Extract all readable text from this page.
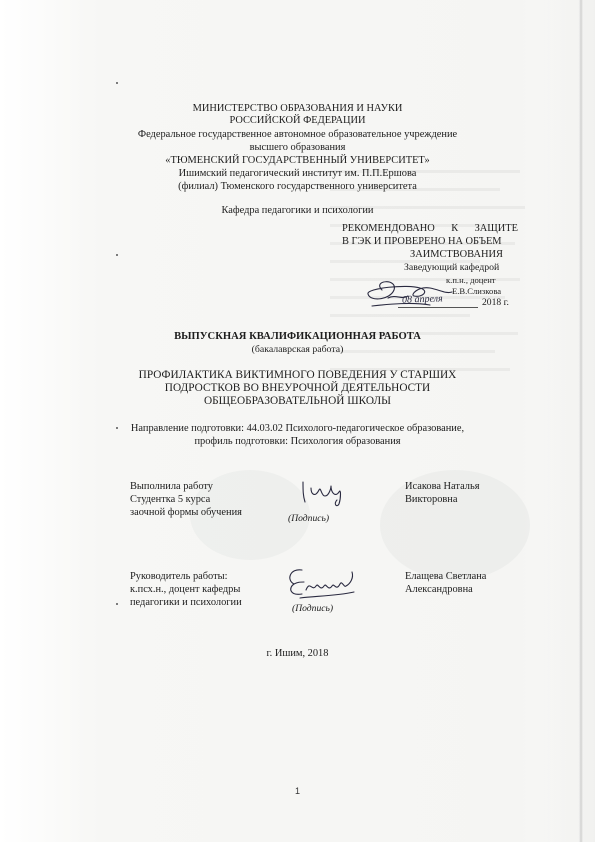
МИНИСТЕРСТВО ОБРАЗОВАНИЯ И НАУКИ
РОССИЙСКОЙ ФЕДЕРАЦИИ
Федеральное государственное автономное образовательное учреждение
высшего образования
«ТЮМЕНСКИЙ ГОСУДАРСТВЕННЫЙ УНИВЕРСИТЕТ»
Ишимский педагогический институт им. П.П.Ершова
(филиал) Тюменского государственного университета
Кафедра педагогики и психологии
РЕКОМЕНДОВАНО К ЗАЩИТЕ
В ГЭК И ПРОВЕРЕНО НА ОБЪЕМ
ЗАИМСТВОВАНИЯ
Заведующий кафедрой
к.п.н., доцент
Е.В.Слизкова
2018 г.
08 апреля
ВЫПУСКНАЯ КВАЛИФИКАЦИОННАЯ РАБОТА
(бакалаврская работа)
ПРОФИЛАКТИКА ВИКТИМНОГО ПОВЕДЕНИЯ У СТАРШИХ
ПОДРОСТКОВ ВО ВНЕУРОЧНОЙ ДЕЯТЕЛЬНОСТИ
ОБЩЕОБРАЗОВАТЕЛЬНОЙ ШКОЛЫ
Направление подготовки: 44.03.02 Психолого-педагогическое образование,
профиль подготовки: Психология образования
Выполнила работу
Студентка 5 курса
заочной формы обучения
(Подпись)
Исакова Наталья
Викторовна
Руководитель работы:
к.псх.н., доцент кафедры
педагогики и психологии
(Подпись)
Елащева Светлана
Александровна
г. Ишим, 2018
1
